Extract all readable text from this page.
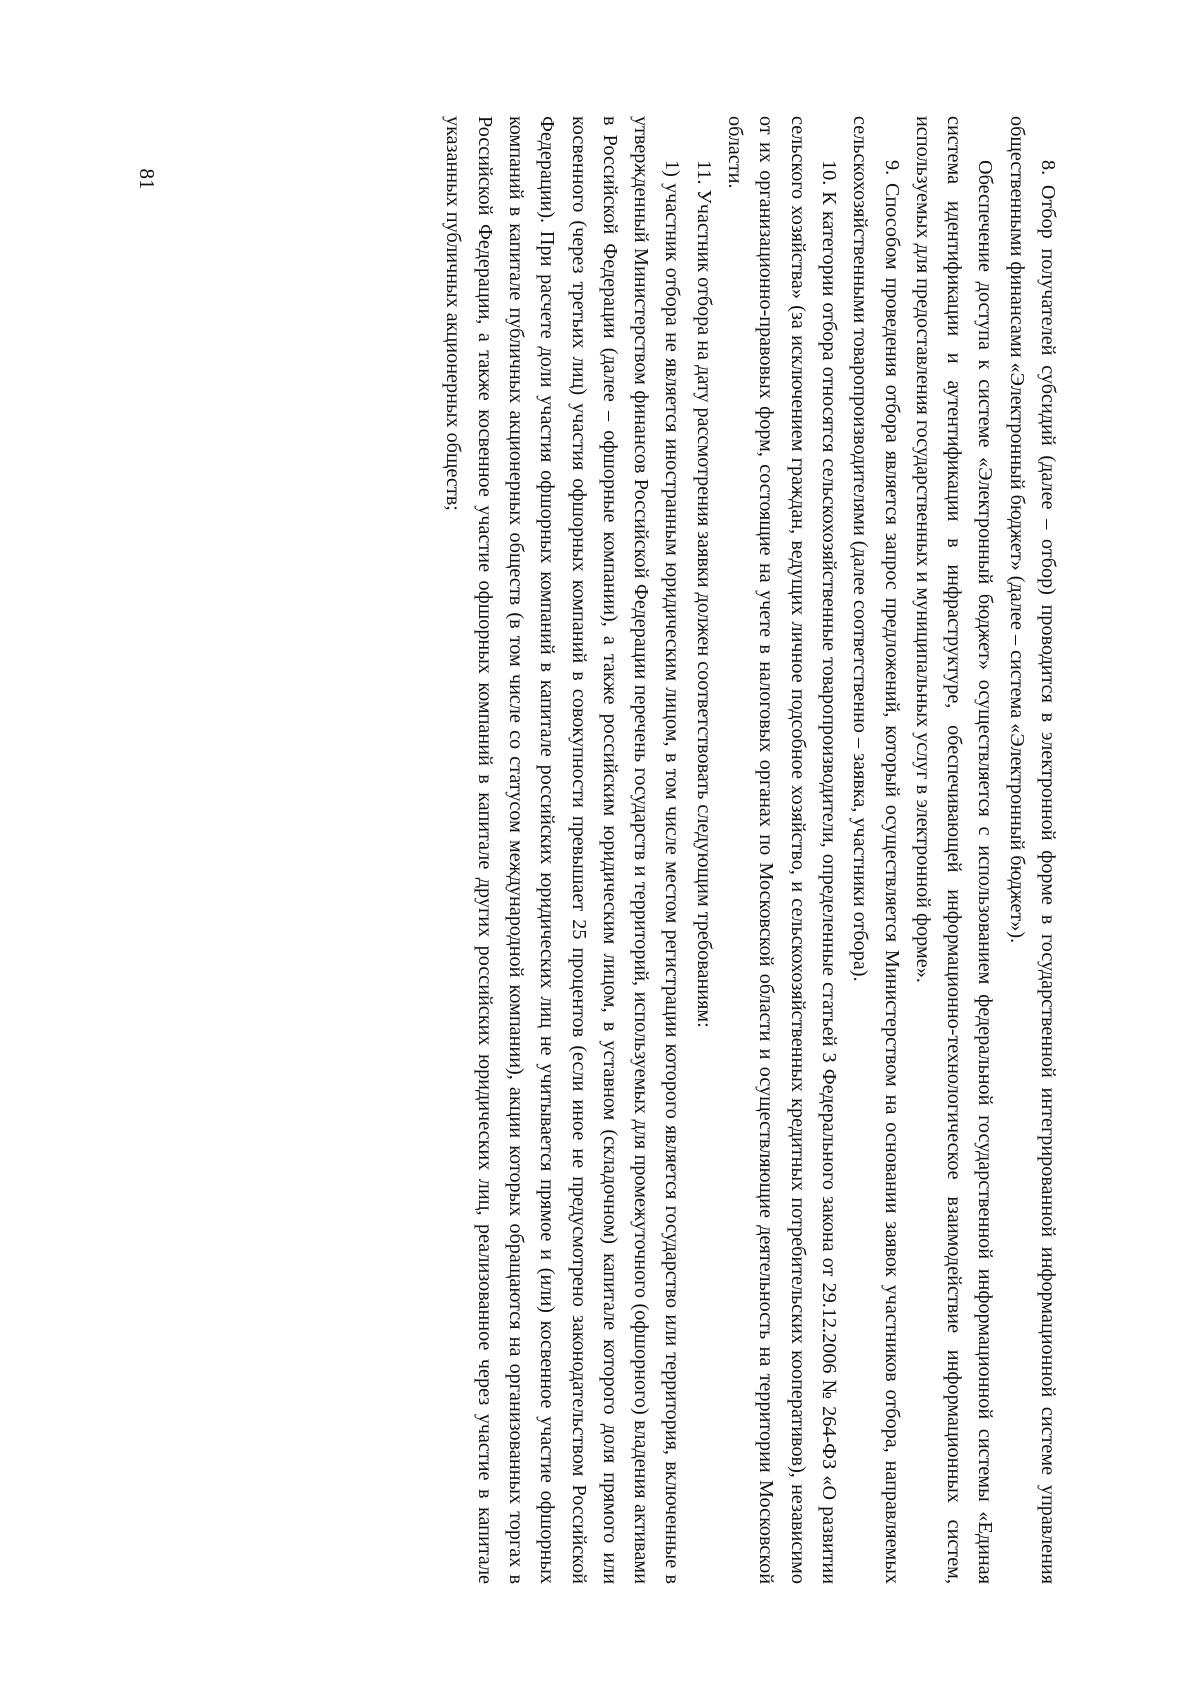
81	8. Отбор получателей субсидий (далее – отбор) проводится в электронной форме в государственной интегрированной информационной системе управления общественными финансами «Электронный бюджет» (далее – система «Электронный бюджет»).

Обеспечение доступа к системе «Электронный бюджет» осуществляется с использованием федеральной государственной информационной системы «Единая система идентификации и аутентификации в инфраструктуре, обеспечивающей информационно-технологическое взаимодействие информационных систем, используемых для предоставления государственных и муниципальных услуг в электронной форме».

9. Способом проведения отбора является запрос предложений, который осуществляется Министерством на основании заявок участников отбора, направляемых сельскохозяйственными товаропроизводителями (далее соответственно – заявка, участники отбора).

10. К категории отбора относятся сельскохозяйственные товаропроизводители, определенные статьей 3 Федерального закона от 29.12.2006 № 264-ФЗ «О развитии сельского хозяйства» (за исключением граждан, ведущих личное подсобное хозяйство, и сельскохозяйственных кредитных потребительских кооперативов), независимо от их организационно-правовых форм, состоящие на учете в налоговых органах по Московской области и осуществляющие деятельность на территории Московской области.

11. Участник отбора на дату рассмотрения заявки должен соответствовать следующим требованиям:

1) участник отбора не является иностранным юридическим лицом, в том числе местом регистрации которого является государство или территория, включенные в утвержденный Министерством финансов Российской Федерации перечень государств и территорий, используемых для промежуточного (офшорного) владения активами в Российской Федерации (далее – офшорные компании), а также российским юридическим лицом, в уставном (складочном) капитале которого доля прямого или косвенного (через третьих лиц) участия офшорных компаний в совокупности превышает 25 процентов (если иное не предусмотрено законодательством Российской Федерации). При расчете доли участия офшорных компаний в капитале российских юридических лиц не учитывается прямое и (или) косвенное участие офшорных компаний в капитале публичных акционерных обществ (в том числе со статусом международной компании), акции которых обращаются на организованных торгах в Российской Федерации, а также косвенное участие офшорных компаний в капитале других российских юридических лиц, реализованное через участие в капитале указанных публичных акционерных обществ;
